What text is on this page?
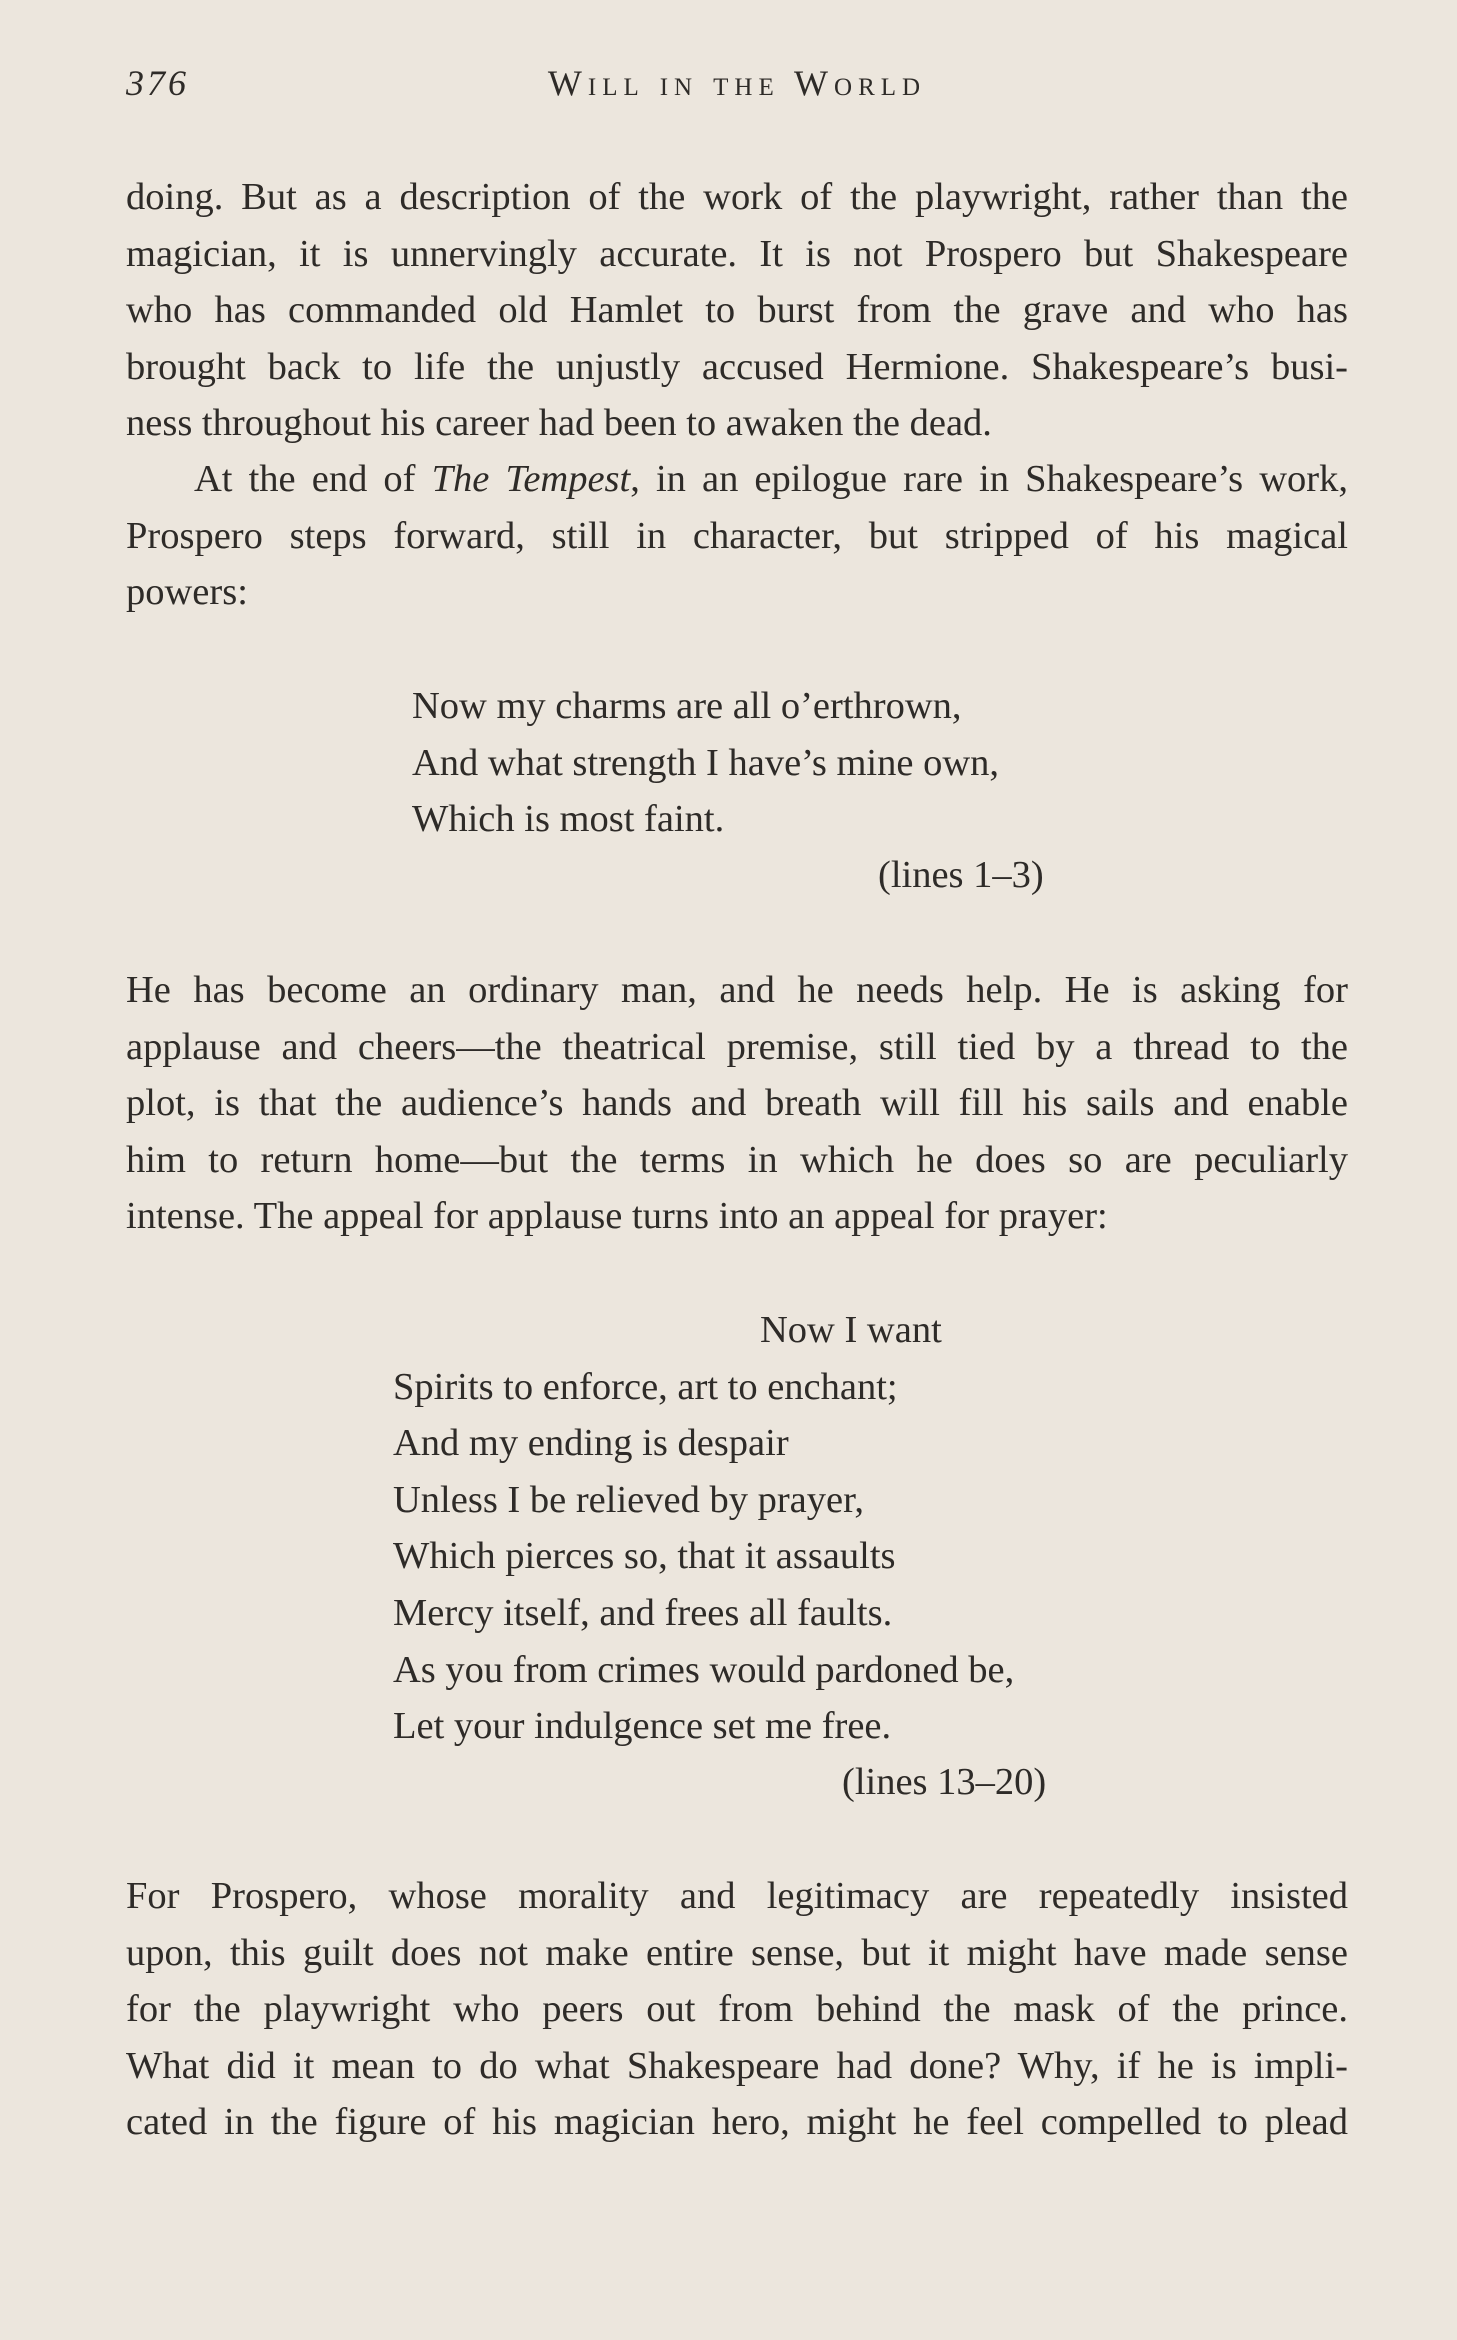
376	Will in the World
doing. But as a description of the work of the playwright, rather than the
magician, it is unnervingly accurate. It is not Prospero but Shakespeare
who has commanded old Hamlet to burst from the grave and who has
brought back to life the unjustly accused Hermione. Shakespeare’s busi-
ness throughout his career had been to awaken the dead.
At the end of The Tempest, in an epilogue rare in Shakespeare’s work,
Prospero steps forward, still in character, but stripped of his magical
powers:
Now my charms are all o’erthrown,
And what strength I have’s mine own,
Which is most faint.
(lines 1–3)
He has become an ordinary man, and he needs help. He is asking for
applause and cheers—the theatrical premise, still tied by a thread to the
plot, is that the audience’s hands and breath will fill his sails and enable
him to return home—but the terms in which he does so are peculiarly
intense. The appeal for applause turns into an appeal for prayer:
Now I want
Spirits to enforce, art to enchant;
And my ending is despair
Unless I be relieved by prayer,
Which pierces so, that it assaults
Mercy itself, and frees all faults.
As you from crimes would pardoned be,
Let your indulgence set me free.
(lines 13–20)
For Prospero, whose morality and legitimacy are repeatedly insisted
upon, this guilt does not make entire sense, but it might have made sense
for the playwright who peers out from behind the mask of the prince.
What did it mean to do what Shakespeare had done? Why, if he is impli-
cated in the figure of his magician hero, might he feel compelled to plead
